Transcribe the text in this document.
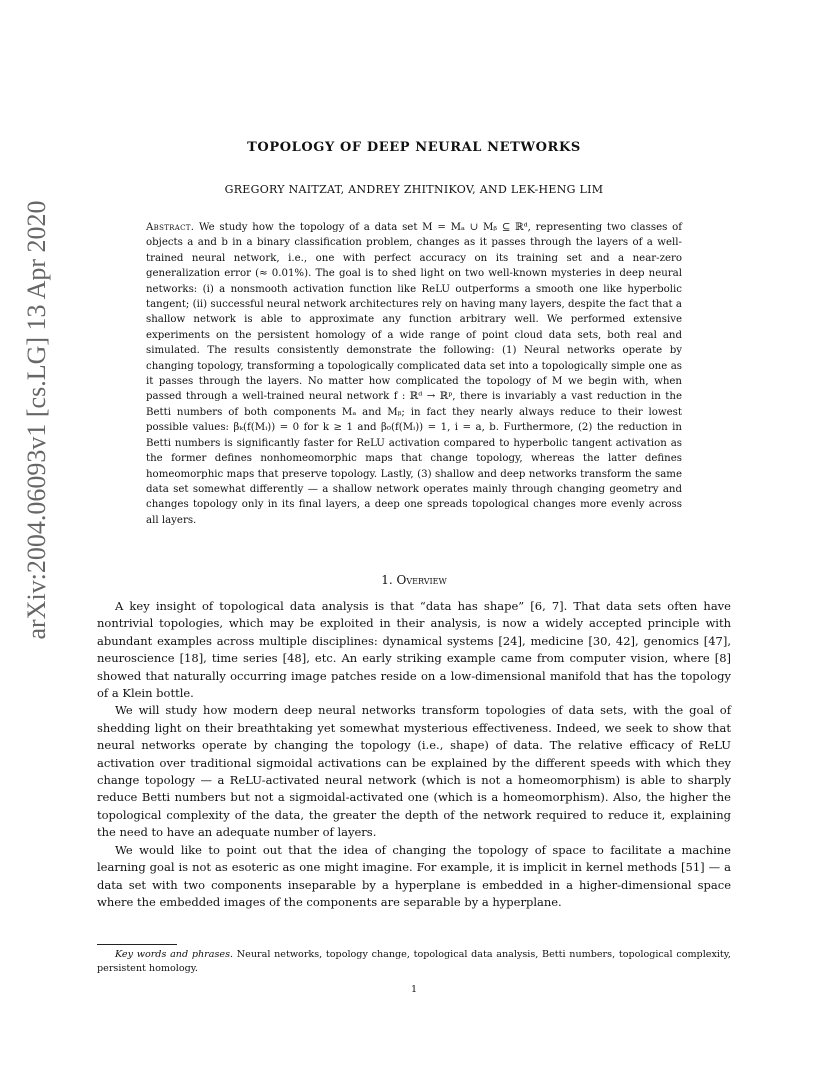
arXiv:2004.06093v1 [cs.LG] 13 Apr 2020
TOPOLOGY OF DEEP NEURAL NETWORKS
GREGORY NAITZAT, ANDREY ZHITNIKOV, AND LEK-HENG LIM

Abstract. We study how the topology of a data set M = Mₐ ∪ Mᵦ ⊆ ℝᵈ, representing two classes of objects a and b in a binary classification problem, changes as it passes through the layers of a well-trained neural network, i.e., one with perfect accuracy on its training set and a near-zero generalization error (≈ 0.01%). The goal is to shed light on two well-known mysteries in deep neural networks: (i) a nonsmooth activation function like ReLU outperforms a smooth one like hyperbolic tangent; (ii) successful neural network architectures rely on having many layers, despite the fact that a shallow network is able to approximate any function arbitrary well. We performed extensive experiments on the persistent homology of a wide range of point cloud data sets, both real and simulated. The results consistently demonstrate the following: (1) Neural networks operate by changing topology, transforming a topologically complicated data set into a topologically simple one as it passes through the layers. No matter how complicated the topology of M we begin with, when passed through a well-trained neural network f : ℝᵈ → ℝᵖ, there is invariably a vast reduction in the Betti numbers of both components Mₐ and Mᵦ; in fact they nearly always reduce to their lowest possible values: βₖ(f(Mᵢ)) = 0 for k ≥ 1 and β₀(f(Mᵢ)) = 1, i = a, b. Furthermore, (2) the reduction in Betti numbers is significantly faster for ReLU activation compared to hyperbolic tangent activation as the former defines nonhomeomorphic maps that change topology, whereas the latter defines homeomorphic maps that preserve topology. Lastly, (3) shallow and deep networks transform the same data set somewhat differently — a shallow network operates mainly through changing geometry and changes topology only in its final layers, a deep one spreads topological changes more evenly across all layers.

1. Overview

A key insight of topological data analysis is that “data has shape” [6, 7]. That data sets often have nontrivial topologies, which may be exploited in their analysis, is now a widely accepted principle with abundant examples across multiple disciplines: dynamical systems [24], medicine [30, 42], genomics [47], neuroscience [18], time series [48], etc. An early striking example came from computer vision, where [8] showed that naturally occurring image patches reside on a low-dimensional manifold that has the topology of a Klein bottle.

We will study how modern deep neural networks transform topologies of data sets, with the goal of shedding light on their breathtaking yet somewhat mysterious effectiveness. Indeed, we seek to show that neural networks operate by changing the topology (i.e., shape) of data. The relative efficacy of ReLU activation over traditional sigmoidal activations can be explained by the different speeds with which they change topology — a ReLU-activated neural network (which is not a homeomorphism) is able to sharply reduce Betti numbers but not a sigmoidal-activated one (which is a homeomorphism). Also, the higher the topological complexity of the data, the greater the depth of the network required to reduce it, explaining the need to have an adequate number of layers.

We would like to point out that the idea of changing the topology of space to facilitate a machine learning goal is not as esoteric as one might imagine. For example, it is implicit in kernel methods [51] — a data set with two components inseparable by a hyperplane is embedded in a higher-dimensional space where the embedded images of the components are separable by a hyperplane.

Key words and phrases. Neural networks, topology change, topological data analysis, Betti numbers, topological complexity, persistent homology.

1
